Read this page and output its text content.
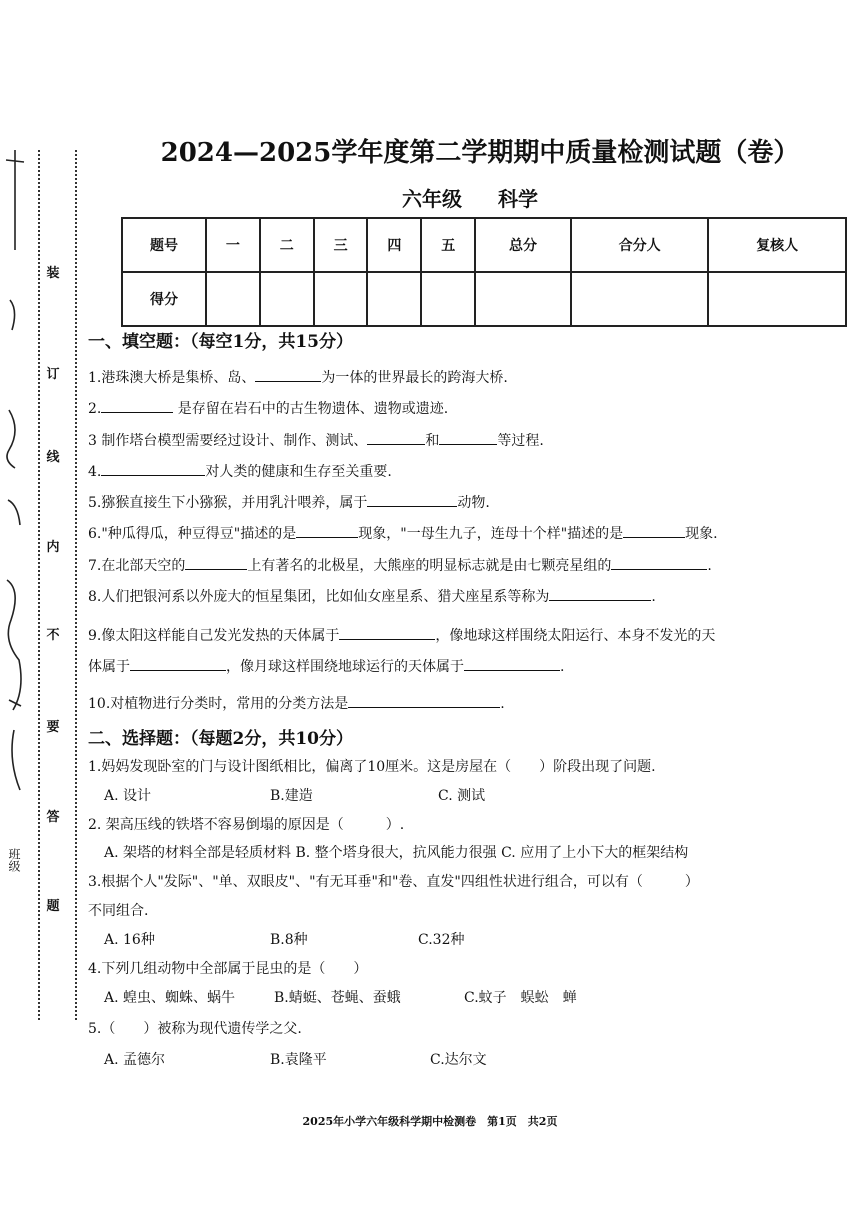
装
订
线
内
不
要
答
题
班级
2024—2025学年度第二学期期中质量检测试题（卷）
六年级 科学
题号	一	二	三	四	五	总分	合分人	复核人
得分								
一、填空题：（每空1分，共15分）
1.港珠澳大桥是集桥、岛、	为一体的世界最长的跨海大桥.
2.	是存留在岩石中的古生物遗体、遗物或遗迹.
3 制作塔台模型需要经过设计、制作、测试、	和	等过程.
4.	对人类的健康和生存至关重要.
5.猕猴直接生下小猕猴，并用乳汁喂养，属于	动物.
6."种瓜得瓜，种豆得豆"描述的是	现象，"一母生九子，连母十个样"描述的是	现象.
7.在北部天空的	上有著名的北极星，大熊座的明显标志就是由七颗亮星组的	.
8.人们把银河系以外庞大的恒星集团，比如仙女座星系、猎犬座星系等称为	.
9.像太阳这样能自己发光发热的天体属于	，像地球这样围绕太阳运行、本身不发光的天
体属于	，像月球这样围绕地球运行的天体属于	.
10.对植物进行分类时，常用的分类方法是	.
二、选择题：（每题2分，共10分）
1.妈妈发现卧室的门与设计图纸相比，偏离了10厘米。这是房屋在（　　）阶段出现了问题.
A. 设计	B.建造	C. 测试
2. 架高压线的铁塔不容易倒塌的原因是（　　　）.
A. 架塔的材料全部是轻质材料 B. 整个塔身很大，抗风能力很强 C. 应用了上小下大的框架结构
3.根据个人"发际"、"单、双眼皮"、"有无耳垂"和"卷、直发"四组性状进行组合，可以有（　　　）
不同组合.
A. 16种	B.8种	C.32种
4.下列几组动物中全部属于昆虫的是（　　）
A. 蝗虫、蜘蛛、蜗牛	B.蜻蜓、苍蝇、蚕蛾	C.蚊子　蜈蚣　蝉
5.（　　）被称为现代遗传学之父.
A. 孟德尔	B.袁隆平	C.达尔文
2025年小学六年级科学期中检测卷　第1页　共2页
